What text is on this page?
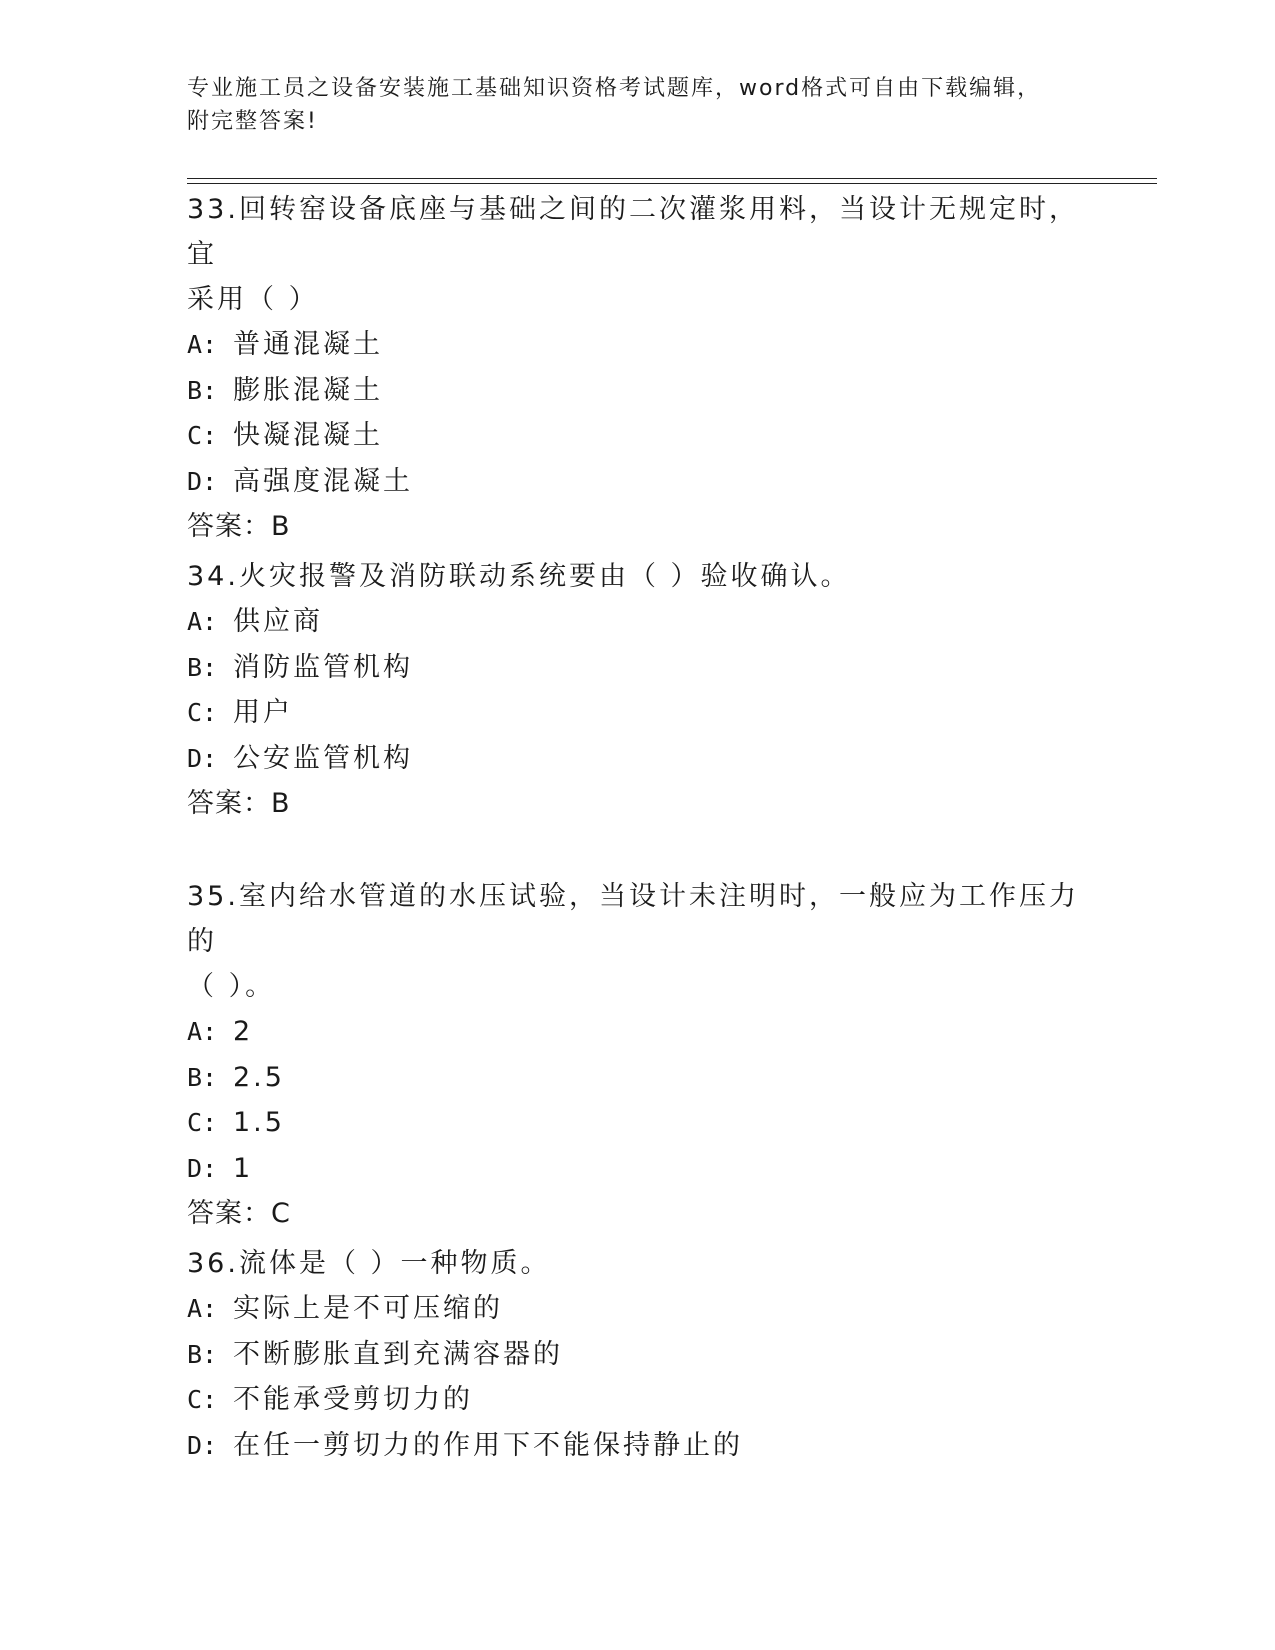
专业施工员之设备安装施工基础知识资格考试题库，word格式可自由下载编辑，
附完整答案!

33.回转窑设备底座与基础之间的二次灌浆用料，当设计无规定时，宜

采用（ ）

A: 普通混凝土

B: 膨胀混凝土

C: 快凝混凝土

D: 高强度混凝土

答案：B

34.火灾报警及消防联动系统要由（ ）验收确认。

A: 供应商

B: 消防监管机构

C: 用户

D: 公安监管机构

答案：B

35.室内给水管道的水压试验，当设计未注明时，一般应为工作压力的

（ ）。

A: 2

B: 2.5

C: 1.5

D: 1

答案：C

36.流体是（ ）一种物质。

A: 实际上是不可压缩的

B: 不断膨胀直到充满容器的

C: 不能承受剪切力的

D: 在任一剪切力的作用下不能保持静止的
